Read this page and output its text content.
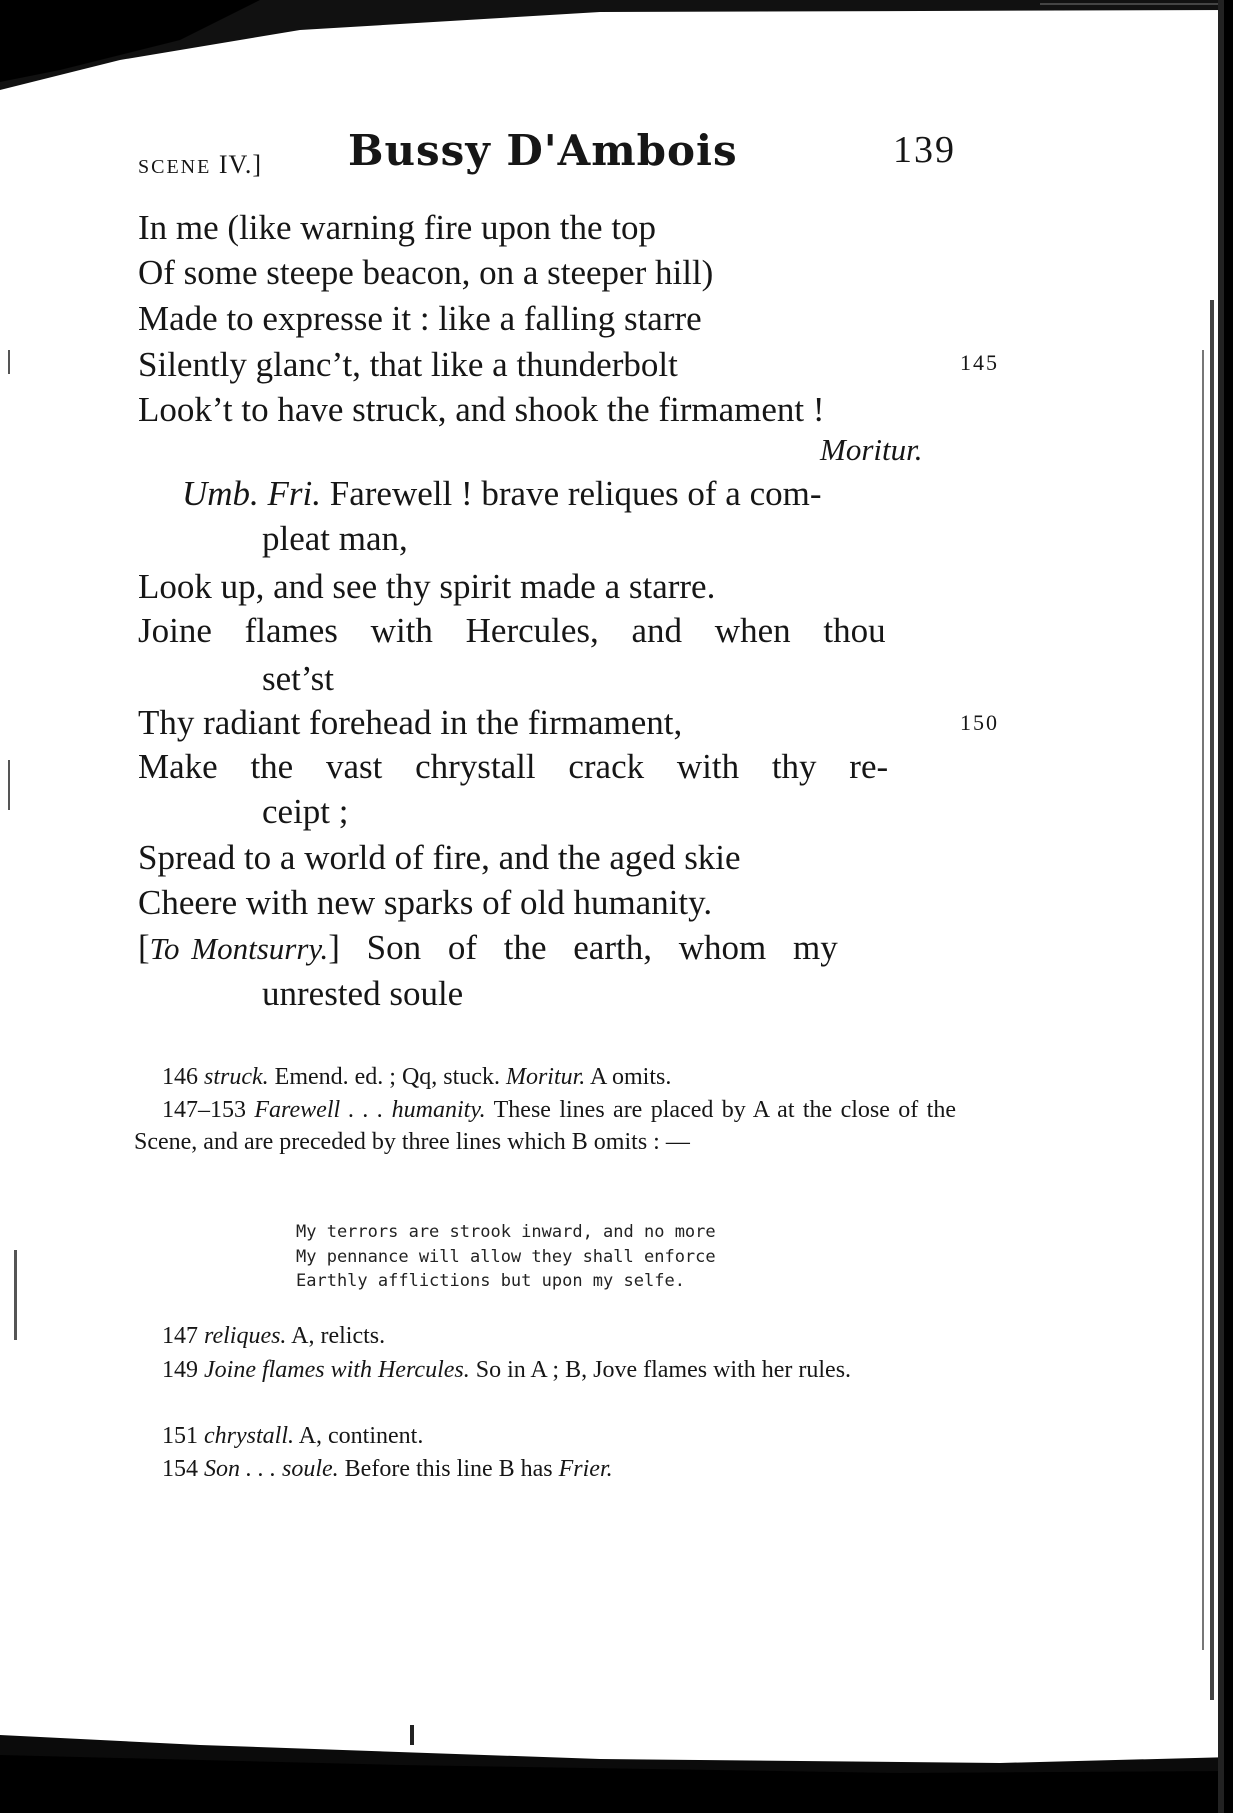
SCENE IV.] Bussy D'Ambois	139
In me (like warning fire upon the top
Of some steepe beacon, on a steeper hill)
Made to expresse it : like a falling starre
Silently glanc’t, that like a thunderbolt	145
Look’t to have struck, and shook the firmament !
Moritur.
Umb. Fri. Farewell ! brave reliques of a com-
pleat man,
Look up, and see thy spirit made a starre.
Joine flames with Hercules, and when thou
set’st
Thy radiant forehead in the firmament,	150
Make the vast chrystall crack with thy re-
ceipt ;
Spread to a world of fire, and the aged skie
Cheere with new sparks of old humanity.
[To Montsurry.] Son of the earth, whom my
unrested soule
146 struck. Emend. ed. ; Qq, stuck. Moritur. A omits.
147–153 Farewell . . . humanity. These lines are placed by A at the close of the Scene, and are preceded by three lines which B omits : —
My terrors are strook inward, and no more
My pennance will allow they shall enforce
Earthly afflictions but upon my selfe.
147 reliques. A, relicts.
149 Joine flames with Hercules. So in A ; B, Jove flames with her rules.
151 chrystall. A, continent.
154 Son . . . soule. Before this line B has Frier.
